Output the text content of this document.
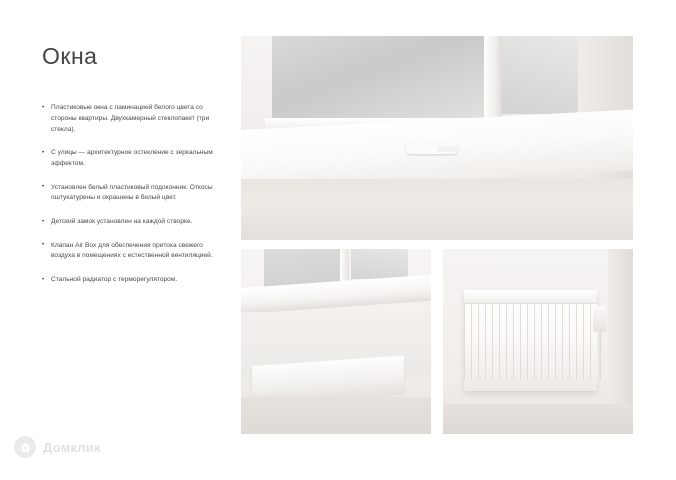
Окна
• Пластиковые окна с ламинацией белого цвета со стороны квартиры. Двухкамерный стеклопакет (три стекла).
• С улицы — архитектурное остекление с зеркальным эффектом.
• Установлен белый пластиковый подоконник. Откосы оштукатурены и окрашены в белый цвет.
• Детский замок установлен на каждой створке.
• Клапан Air Box для обеспечения притока свежего воздуха в помещениях с естественной вентиляцией.
• Стальной радиатор с терморегулятором.
Домклик
